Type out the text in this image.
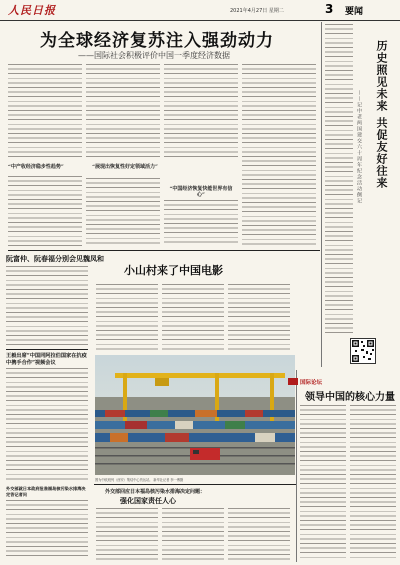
人民日报	2021年4月27日 星期二	3 要闻
为全球经济复苏注入强劲动力
——国际社会积极评价中国一季度经济数据
“中产收经济稳步性趋势”	“展现出恢复性好定领域活力”
“中国经济恢复快能世界有信心”
历史照见未来 共促友好往来
——记中老两国建交六十周年纪念活动侧记
阮富仲、阮春福分别会见魏凤和
王毅出席“中国同阿拉伯国家在抗疫中携手合作”视频会议
外交部就日本政府批准福岛核污染水排海决定答记者问
小山村来了中国电影
图为中欧班列（西安）集结中心货运站。 新华社记者 李一博摄
外交部回应日本福岛核污染水排海决定问题：
强化国家责任人心
国际论坛
领导中国的核心力量
